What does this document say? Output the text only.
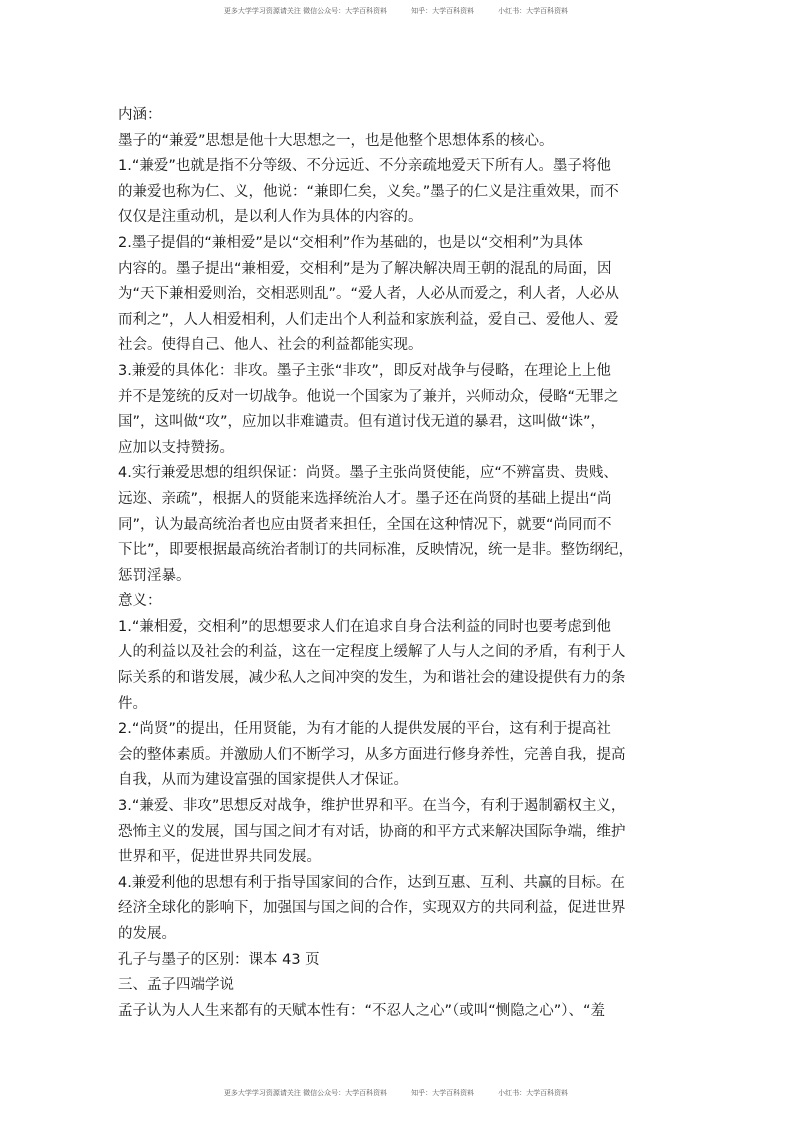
更多大学学习资源请关注 微信公众号：大学百科资料	知乎：大学百科资料	小红书：大学百科资料
内涵：
墨子的“兼爱”思想是他十大思想之一，也是他整个思想体系的核心。
1.“兼爱”也就是指不分等级、不分远近、不分亲疏地爱天下所有人。墨子将他
的兼爱也称为仁、义，他说：“兼即仁矣，义矣。”墨子的仁义是注重效果，而不
仅仅是注重动机，是以利人作为具体的内容的。
2.墨子提倡的“兼相爱”是以“交相利”作为基础的，也是以“交相利”为具体
内容的。墨子提出“兼相爱，交相利”是为了解决解决周王朝的混乱的局面，因
为“天下兼相爱则治，交相恶则乱”。“爱人者，人必从而爱之，利人者，人必从
而利之”，人人相爱相利，人们走出个人利益和家族利益，爱自己、爱他人、爱
社会。使得自己、他人、社会的利益都能实现。
3.兼爱的具体化：非攻。墨子主张“非攻”，即反对战争与侵略，在理论上上他
并不是笼统的反对一切战争。他说一个国家为了兼并，兴师动众，侵略“无罪之
国”，这叫做“攻”，应加以非难谴责。但有道讨伐无道的暴君，这叫做“诛”，
应加以支持赞扬。
4.实行兼爱思想的组织保证：尚贤。墨子主张尚贤使能，应“不辨富贵、贵贱、
远迩、亲疏”，根据人的贤能来选择统治人才。墨子还在尚贤的基础上提出“尚
同”，认为最高统治者也应由贤者来担任，全国在这种情况下，就要“尚同而不
下比”，即要根据最高统治者制订的共同标准，反映情况，统一是非。整饬纲纪，
惩罚淫暴。
意义：
1.“兼相爱，交相利”的思想要求人们在追求自身合法利益的同时也要考虑到他
人的利益以及社会的利益，这在一定程度上缓解了人与人之间的矛盾，有利于人
际关系的和谐发展，减少私人之间冲突的发生，为和谐社会的建设提供有力的条
件。
2.“尚贤”的提出，任用贤能，为有才能的人提供发展的平台，这有利于提高社
会的整体素质。并激励人们不断学习，从多方面进行修身养性，完善自我，提高
自我，从而为建设富强的国家提供人才保证。
3.“兼爱、非攻”思想反对战争，维护世界和平。在当今，有利于遏制霸权主义，
恐怖主义的发展，国与国之间才有对话，协商的和平方式来解决国际争端，维护
世界和平，促进世界共同发展。
4.兼爱利他的思想有利于指导国家间的合作，达到互惠、互利、共赢的目标。在
经济全球化的影响下，加强国与国之间的合作，实现双方的共同利益，促进世界
的发展。
孔子与墨子的区别：课本 43 页
三、孟子四端学说
孟子认为人人生来都有的天赋本性有：“不忍人之心”（或叫“恻隐之心”）、“羞
更多大学学习资源请关注 微信公众号：大学百科资料	知乎：大学百科资料	小红书：大学百科资料
